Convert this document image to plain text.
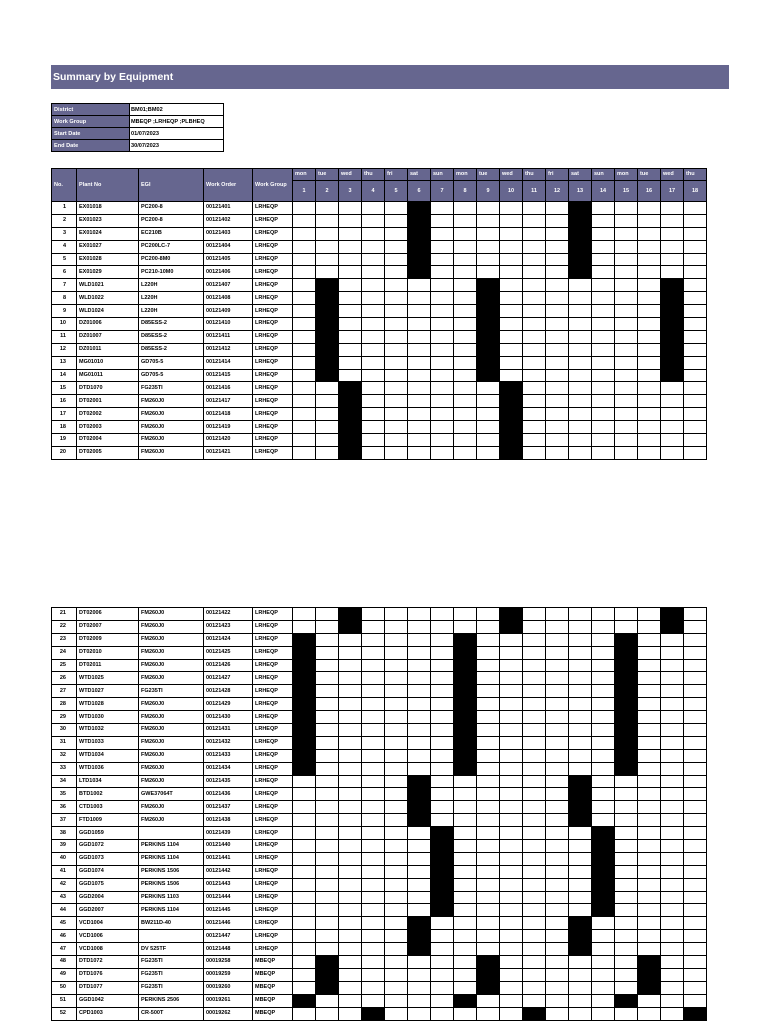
Summary by Equipment
District	BM01;BM02
Work Group	MBEQP ;LRHEQP ;PLBHEQ
Start Date	01/07/2023
End Date	30/07/2023
No.	Plant No	EGI	Work Order	Work Group	mon	tue	wed	thu	fri	sat	sun	mon	tue	wed	thu	fri	sat	sun	mon	tue	wed	thu
					1	2	3	4	5	6	7	8	9	10	11	12	13	14	15	16	17	18
1	EX01018	PC200-8	00121401	LRHEQP																		
2	EX01023	PC200-8	00121402	LRHEQP																		
3	EX01024	EC210B	00121403	LRHEQP																		
4	EX01027	PC200LC-7	00121404	LRHEQP																		
5	EX01028	PC200-8M0	00121405	LRHEQP																		
6	EX01029	PC210-10M0	00121406	LRHEQP																		
7	WLD1021	L220H	00121407	LRHEQP																		
8	WLD1022	L220H	00121408	LRHEQP																		
9	WLD1024	L220H	00121409	LRHEQP																		
10	DZ01006	D85ESS-2	00121410	LRHEQP																		
11	DZ01007	D85ESS-2	00121411	LRHEQP																		
12	DZ01011	D85ESS-2	00121412	LRHEQP																		
13	MG01010	GD705-5	00121414	LRHEQP																		
14	MG01011	GD705-5	00121415	LRHEQP																		
15	DTD1070	FG235TI	00121416	LRHEQP																		
16	DT02001	FM260J0	00121417	LRHEQP																		
17	DT02002	FM260J0	00121418	LRHEQP																		
18	DT02003	FM260J0	00121419	LRHEQP																		
19	DT02004	FM260J0	00121420	LRHEQP																		
20	DT02005	FM260J0	00121421	LRHEQP																		
21	DT02006	FM260J0	00121422	LRHEQP																		
22	DT02007	FM260J0	00121423	LRHEQP																		
23	DT02009	FM260J0	00121424	LRHEQP																		
24	DT02010	FM260J0	00121425	LRHEQP																		
25	DT02011	FM260J0	00121426	LRHEQP																		
26	WTD1025	FM260J0	00121427	LRHEQP																		
27	WTD1027	FG235TI	00121428	LRHEQP																		
28	WTD1028	FM260J0	00121429	LRHEQP																		
29	WTD1030	FM260J0	00121430	LRHEQP																		
30	WTD1032	FM260J0	00121431	LRHEQP																		
31	WTD1033	FM260J0	00121432	LRHEQP																		
32	WTD1034	FM260J0	00121433	LRHEQP																		
33	WTD1036	FM260J0	00121434	LRHEQP																		
34	LTD1034	FM260J0	00121435	LRHEQP																		
35	BTD1002	GWE37064T	00121436	LRHEQP																		
36	CTD1003	FM260J0	00121437	LRHEQP																		
37	FTD1009	FM260J0	00121438	LRHEQP																		
38	GGD1059		00121439	LRHEQP																		
39	GGD1072	PERKINS 1104	00121440	LRHEQP																		
40	GGD1073	PERKINS 1104	00121441	LRHEQP																		
41	GGD1074	PERKINS 1506	00121442	LRHEQP																		
42	GGD1075	PERKINS 1506	00121443	LRHEQP																		
43	GGD2004	PERKINS 1103	00121444	LRHEQP																		
44	GGD2007	PERKINS 1104	00121445	LRHEQP																		
45	VCD1004	BW211D-40	00121446	LRHEQP																		
46	VCD1006		00121447	LRHEQP																		
47	VCD1008	DV 525TF	00121448	LRHEQP																		
48	DTD1072	FG235TI	00019258	MBEQP																		
49	DTD1076	FG235TI	00019259	MBEQP																		
50	DTD1077	FG235TI	00019260	MBEQP																		
51	GGD1042	PERKINS 2506	00019261	MBEQP																		
52	CPD1003	CR-500T	00019262	MBEQP																		
